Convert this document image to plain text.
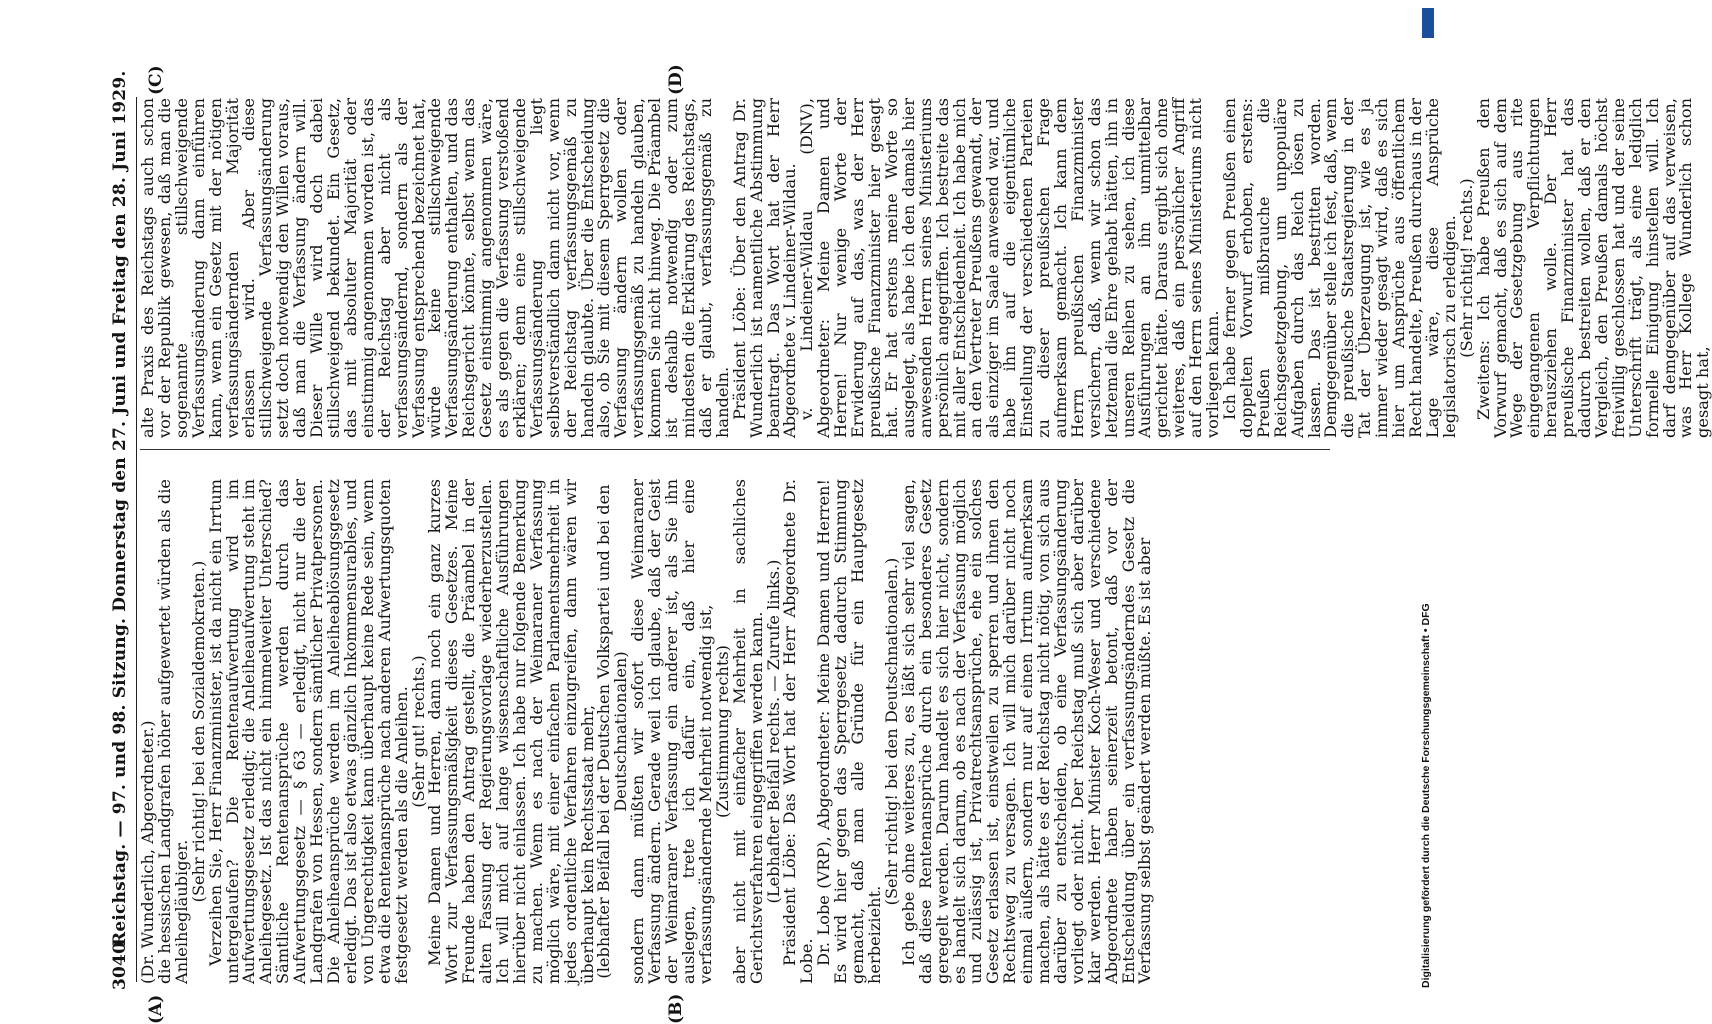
3040
Reichstag. — 97. und 98. Sitzung. Donnerstag den 27. Juni und Freitag den 28. Juni 1929. (Dr. Wunderlich, Abgeordneter.)

die hessischen Landgrafen höher aufgewertet würden als die Anleihegläubiger.

(Sehr richtig! bei den Sozialdemokraten.)

Verzeihen Sie, Herr Finanzminister, ist da nicht ein Irrtum untergelaufen? Die Rentenaufwertung wird im Aufwertungsgesetz erledigt; die Anleiheaufwertung steht im Anleihegesetz. Ist das nicht ein himmelweiter Unterschied? Sämtliche Rentenansprüche werden durch das Aufwertungsgesetz — § 63 — erledigt, nicht nur die der Landgrafen von Hessen, sondern sämtlicher Privatpersonen. Die Anleiheansprüche werden im Anleiheablösungsgesetz erledigt. Das ist also etwas gänzlich Inkommensurables, und von Ungerechtigkeit kann überhaupt keine Rede sein, wenn etwa die Rentenansprüche nach anderen Aufwertungsquoten festgesetzt werden als die Anleihen.

(Sehr gut! rechts.)

Meine Damen und Herren, dann noch ein ganz kurzes Wort zur Verfassungsmäßigkeit dieses Gesetzes. Meine Freunde haben den Antrag gestellt, die Präambel in der alten Fassung der Regierungsvorlage wiederherzustellen. Ich will mich auf lange wissenschaftliche Ausführungen hierüber nicht einlassen. Ich habe nur folgende Bemerkung zu machen. Wenn es nach der Weimaraner Verfassung möglich wäre, mit einer einfachen Parlamentsmehrheit in jedes ordentliche Verfahren einzugreifen, dann wären wir überhaupt kein Rechtsstaat mehr,

(lebhafter Beifall bei der Deutschen Volkspartei und bei den Deutschnationalen)

sondern dann müßten wir sofort diese Weimaraner Verfassung ändern. Gerade weil ich glaube, daß der Geist der Weimaraner Verfassung ein anderer ist, als Sie ihn auslegen, trete ich dafür ein, daß hier eine verfassungsändernde Mehrheit notwendig ist,

(Zustimmung rechts)

aber nicht mit einfacher Mehrheit in sachliches Gerichtsverfahren eingegriffen werden kann.

(Lebhafter Beifall rechts. — Zurufe links.)

Präsident Löbe: Das Wort hat der Herr Abgeordnete Dr. Lobe.

Dr. Lobe (VRP), Abgeordneter: Meine Damen und Herren! Es wird hier gegen das Sperrgesetz dadurch Stimmung gemacht, daß man alle Gründe für ein Hauptgesetz herbeizieht.

(Sehr richtig! bei den Deutschnationalen.)

Ich gebe ohne weiteres zu, es läßt sich sehr viel sagen, daß diese Rentenansprüche durch ein besonderes Gesetz geregelt werden. Darum handelt es sich hier nicht, sondern es handelt sich darum, ob es nach der Verfassung möglich und zulässig ist, Privatrechtsansprüche, ehe ein solches Gesetz erlassen ist, einstweilen zu sperren und ihnen den Rechtsweg zu versagen. Ich will mich darüber nicht noch einmal äußern, sondern nur auf einen Irrtum aufmerksam machen, als hätte es der Reichstag nicht nötig, von sich aus darüber zu entscheiden, ob eine Verfassungsänderung vorliegt oder nicht. Der Reichstag muß sich aber darüber klar werden. Herr Minister Koch-Weser und verschiedene Abgeordnete haben seinerzeit betont, daß vor der Entscheidung über ein verfassungsänderndes Gesetz die Verfassung selbst geändert werden müßte. Es ist aber

alte Praxis des Reichstags auch schon vor der Republik gewesen, daß man die sogenannte stillschweigende Verfassungsänderung dann einführen kann, wenn ein Gesetz mit der nötigen verfassungsändernden Majorität erlassen wird. Aber diese stillschweigende Verfassungsänderung setzt doch notwendig den Willen voraus, daß man die Verfassung ändern will. Dieser Wille wird doch dabei stillschweigend bekundet. Ein Gesetz, das mit absoluter Majorität oder einstimmig angenommen worden ist, das der Reichstag aber nicht als verfassungsändernd, sondern als der Verfassung entsprechend bezeichnet hat, würde keine stillschweigende Verfassungsänderung enthalten, und das Reichsgericht könnte, selbst wenn das Gesetz einstimmig angenommen wäre, es als gegen die Verfassung verstoßend erklären; denn eine stillschweigende Verfassungsänderung liegt selbstverständlich dann nicht vor, wenn der Reichstag verfassungsgemäß zu handeln glaubte. Über die Entscheidung also, ob Sie mit diesem Sperrgesetz die Verfassung ändern wollen oder verfassungsgemäß zu handeln glauben, kommen Sie nicht hinweg. Die Präambel ist deshalb notwendig oder zum mindesten die Erklärung des Reichstags, daß er glaubt, verfassungsgemäß zu handeln.

Präsident Löbe: Über den Antrag Dr. Wunderlich ist namentliche Abstimmung beantragt. Das Wort hat der Herr Abgeordnete v. Lindeiner-Wildau.

v. Lindeiner-Wildau (DNV), Abgeordneter: Meine Damen und Herren! Nur wenige Worte der Erwiderung auf das, was der Herr preußische Finanzminister hier gesagt hat. Er hat erstens meine Worte so ausgelegt, als habe ich den damals hier anwesenden Herrn seines Ministeriums persönlich angegriffen. Ich bestreite das mit aller Entschiedenheit. Ich habe mich an den Vertreter Preußens gewandt, der als einziger im Saale anwesend war, und habe ihn auf die eigentümliche Einstellung der verschiedenen Parteien zu dieser preußischen Frage aufmerksam gemacht. Ich kann dem Herrn preußischen Finanzminister versichern, daß, wenn wir schon das letztemal die Ehre gehabt hätten, ihn in unseren Reihen zu sehen, ich diese Ausführungen an ihn unmittelbar gerichtet hätte. Daraus ergibt sich ohne weiteres, daß ein persönlicher Angriff auf den Herrn seines Ministeriums nicht vorliegen kann.

Ich habe ferner gegen Preußen einen doppelten Vorwurf erhoben, erstens: Preußen mißbrauche die Reichsgesetzgebung, um unpopuläre Aufgaben durch das Reich lösen zu lassen. Das ist bestritten worden. Demgegenüber stelle ich fest, daß, wenn die preußische Staatsregierung in der Tat der Überzeugung ist, wie es ja immer wieder gesagt wird, daß es sich hier um Ansprüche aus öffentlichem Recht handelte, Preußen durchaus in der Lage wäre, diese Ansprüche legislatorisch zu erledigen.

(Sehr richtig! rechts.)

Zweitens: Ich habe Preußen den Vorwurf gemacht, daß es sich auf dem Wege der Gesetzgebung aus rite eingegangenen Verpflichtungen herausziehen wolle. Der Herr preußische Finanzminister hat das dadurch bestreiten wollen, daß er den Vergleich, den Preußen damals höchst freiwillig geschlossen hat und der seine Unterschrift trägt, als eine lediglich formelle Einigung hinstellen will. Ich darf demgegenüber auf das verweisen, was Herr Kollege Wunderlich schon gesagt hat,

(A)	(B)
(C)	(D)
Digitalisierung gefördert durch die Deutsche Forschungsgemeinschaft • DFG
